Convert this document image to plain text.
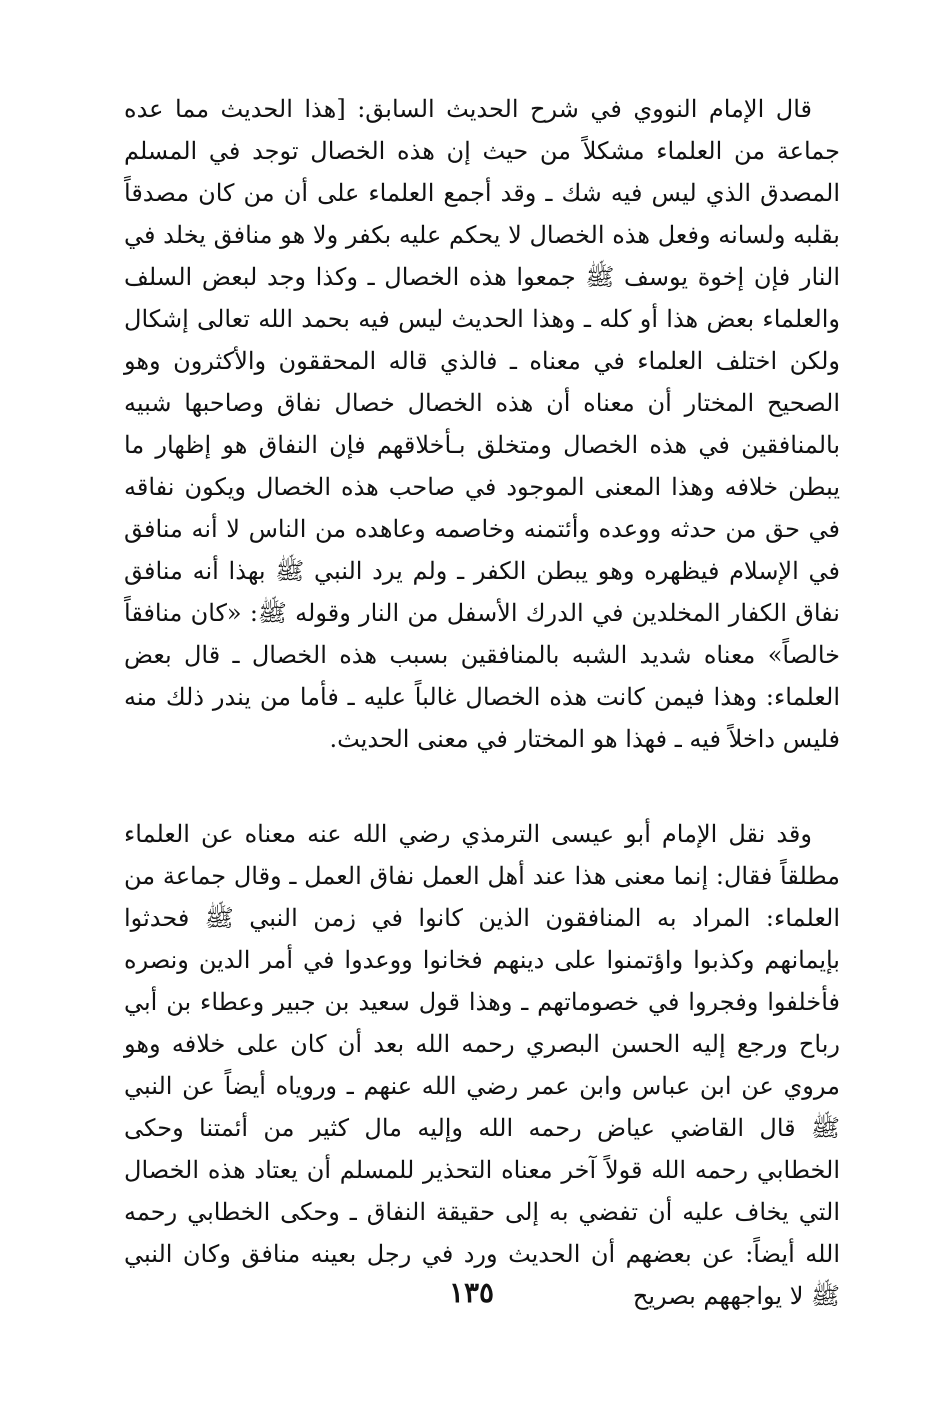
قال الإمام النووي في شرح الحديث السابق: [هذا الحديث مما عده جماعة من العلماء مشكلاً من حيث إن هذه الخصال توجد في المسلم المصدق الذي ليس فيه شك ـ وقد أجمع العلماء على أن من كان مصدقاً بقلبه ولسانه وفعل هذه الخصال لا يحكم عليه بكفر ولا هو منافق يخلد في النار فإن إخوة يوسف ﷺ جمعوا هذه الخصال ـ وكذا وجد لبعض السلف والعلماء بعض هذا أو كله ـ وهذا الحديث ليس فيه بحمد الله تعالى إشكال ولكن اختلف العلماء في معناه ـ فالذي قاله المحققون والأكثرون وهو الصحيح المختار أن معناه أن هذه الخصال خصال نفاق وصاحبها شبيه بالمنافقين في هذه الخصال ومتخلق بـأخلاقهم فإن النفاق هو إظهار ما يبطن خلافه وهذا المعنى الموجود في صاحب هذه الخصال ويكون نفاقه في حق من حدثه ووعده وأئتمنه وخاصمه وعاهده من الناس لا أنه منافق في الإسلام فيظهره وهو يبطن الكفر ـ ولم يرد النبي ﷺ بهذا أنه منافق نفاق الكفار المخلدين في الدرك الأسفل من النار وقوله ﷺ: «كان منافقاً خالصاً» معناه شديد الشبه بالمنافقين بسبب هذه الخصال ـ قال بعض العلماء: وهذا فيمن كانت هذه الخصال غالباً عليه ـ فأما من يندر ذلك منه فليس داخلاً فيه ـ فهذا هو المختار في معنى الحديث.

وقد نقل الإمام أبو عيسى الترمذي رضي الله عنه معناه عن العلماء مطلقاً فقال: إنما معنى هذا عند أهل العمل نفاق العمل ـ وقال جماعة من العلماء: المراد به المنافقون الذين كانوا في زمن النبي ﷺ فحدثوا بإيمانهم وكذبوا واؤتمنوا على دينهم فخانوا ووعدوا في أمر الدين ونصره فأخلفوا وفجروا في خصوماتهم ـ وهذا قول سعيد بن جبير وعطاء بن أبي رباح ورجع إليه الحسن البصري رحمه الله بعد أن كان على خلافه وهو مروي عن ابن عباس وابن عمر رضي الله عنهم ـ وروياه أيضاً عن النبي ﷺ قال القاضي عياض رحمه الله وإليه مال كثير من أئمتنا وحكى الخطابي رحمه الله قولاً آخر معناه التحذير للمسلم أن يعتاد هذه الخصال التي يخاف عليه أن تفضي به إلى حقيقة النفاق ـ وحكى الخطابي رحمه الله أيضاً: عن بعضهم أن الحديث ورد في رجل بعينه منافق وكان النبي ﷺ لا يواجههم بصريح

١٣٥
